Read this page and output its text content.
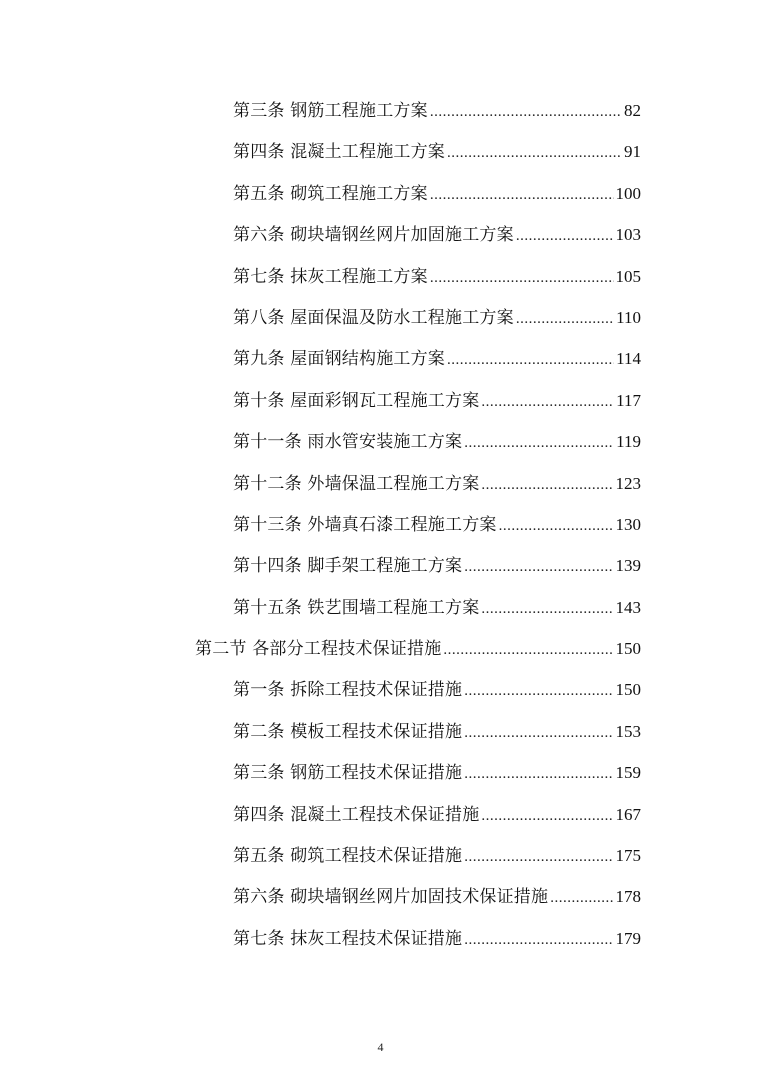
第三条 钢筋工程施工方案 .....	82
第四条 混凝土工程施工方案 .....	91
第五条 砌筑工程施工方案 .....	100
第六条 砌块墙钢丝网片加固施工方案 .....	103
第七条 抹灰工程施工方案 .....	105
第八条 屋面保温及防水工程施工方案 .....	110
第九条 屋面钢结构施工方案 .....	114
第十条 屋面彩钢瓦工程施工方案 .....	117
第十一条 雨水管安装施工方案 .....	119
第十二条 外墙保温工程施工方案 .....	123
第十三条 外墙真石漆工程施工方案 .....	130
第十四条 脚手架工程施工方案 .....	139
第十五条 铁艺围墙工程施工方案 .....	143
第二节 各部分工程技术保证措施 .....	150
第一条 拆除工程技术保证措施 .....	150
第二条 模板工程技术保证措施 .....	153
第三条 钢筋工程技术保证措施 .....	159
第四条 混凝土工程技术保证措施 .....	167
第五条 砌筑工程技术保证措施 .....	175
第六条 砌块墙钢丝网片加固技术保证措施 .....	178
第七条 抹灰工程技术保证措施 .....	179
4
